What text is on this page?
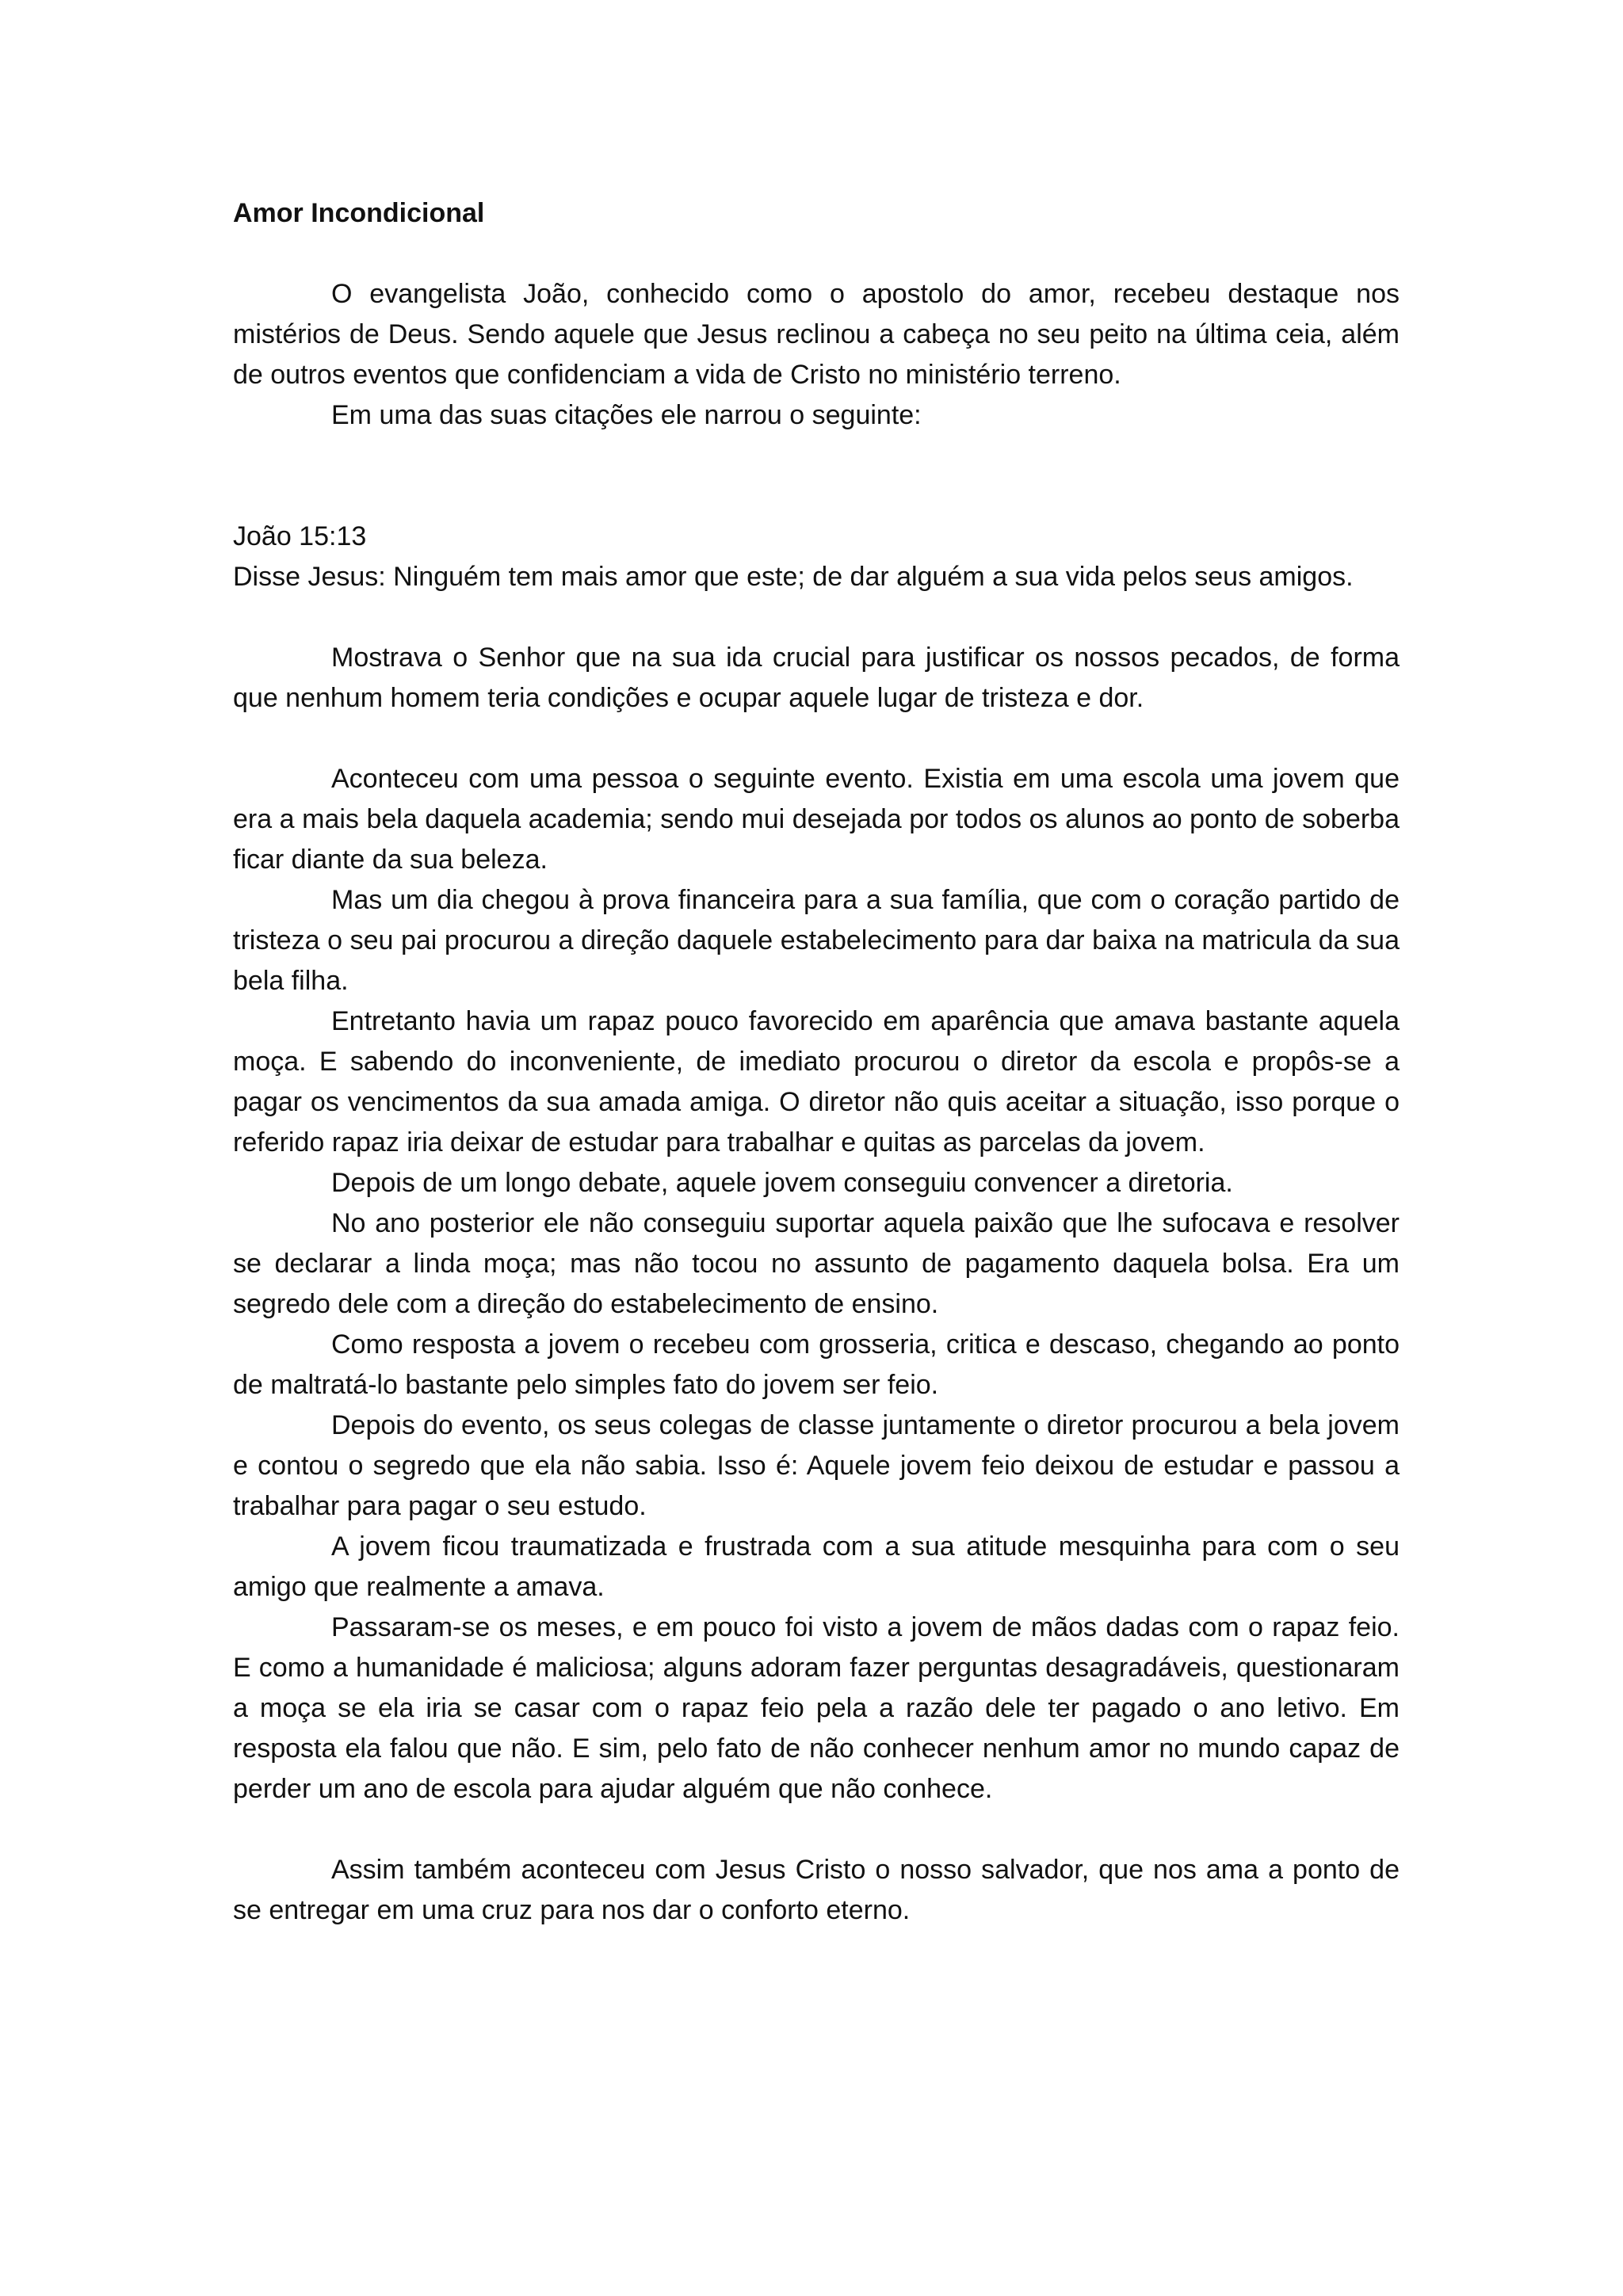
Amor Incondicional

O evangelista João, conhecido como o apostolo do amor, recebeu destaque nos mistérios de Deus. Sendo aquele que Jesus reclinou a cabeça no seu peito na última ceia, além de outros eventos que confidenciam a vida de Cristo no ministério terreno.

Em uma das suas citações ele narrou o seguinte:

João 15:13

Disse Jesus: Ninguém tem mais amor que este; de dar alguém a sua vida pelos seus amigos.

Mostrava o Senhor que na sua ida crucial para justificar os nossos pecados, de forma que nenhum homem teria condições e ocupar aquele lugar de tristeza e dor.

Aconteceu com uma pessoa o seguinte evento. Existia em uma escola uma jovem que era a mais bela daquela academia; sendo mui desejada por todos os alunos ao ponto de soberba ficar diante da sua beleza.

Mas um dia chegou à prova financeira para a sua família, que com o coração partido de tristeza o seu pai procurou a direção daquele estabelecimento para dar baixa na matricula da sua bela filha.

Entretanto havia um rapaz pouco favorecido em aparência que amava bastante aquela moça. E sabendo do inconveniente, de imediato procurou o diretor da escola e propôs-se a pagar os vencimentos da sua amada amiga. O diretor não quis aceitar a situação, isso porque o referido rapaz iria deixar de estudar para trabalhar e quitas as parcelas da jovem.

Depois de um longo debate, aquele jovem conseguiu convencer a diretoria.

No ano posterior ele não conseguiu suportar aquela paixão que lhe sufocava e resolver se declarar a linda moça; mas não tocou no assunto de pagamento daquela bolsa. Era um segredo dele com a direção do estabelecimento de ensino.

Como resposta a jovem o recebeu com grosseria, critica e descaso, chegando ao ponto de maltratá-lo bastante pelo simples fato do jovem ser feio.

Depois do evento, os seus colegas de classe juntamente o diretor procurou a bela jovem e contou o segredo que ela não sabia. Isso é: Aquele jovem feio deixou de estudar e passou a trabalhar para pagar o seu estudo.

A jovem ficou traumatizada e frustrada com a sua atitude mesquinha para com o seu amigo que realmente a amava.

Passaram-se os meses, e em pouco foi visto a jovem de mãos dadas com o rapaz feio. E como a humanidade é maliciosa; alguns adoram fazer perguntas desagradáveis, questionaram a moça se ela iria se casar com o rapaz feio pela a razão dele ter pagado o ano letivo. Em resposta ela falou que não. E sim, pelo fato de não conhecer nenhum amor no mundo capaz de perder um ano de escola para ajudar alguém que não conhece.

Assim também aconteceu com Jesus Cristo o nosso salvador, que nos ama a ponto de se entregar em uma cruz para nos dar o conforto eterno.
